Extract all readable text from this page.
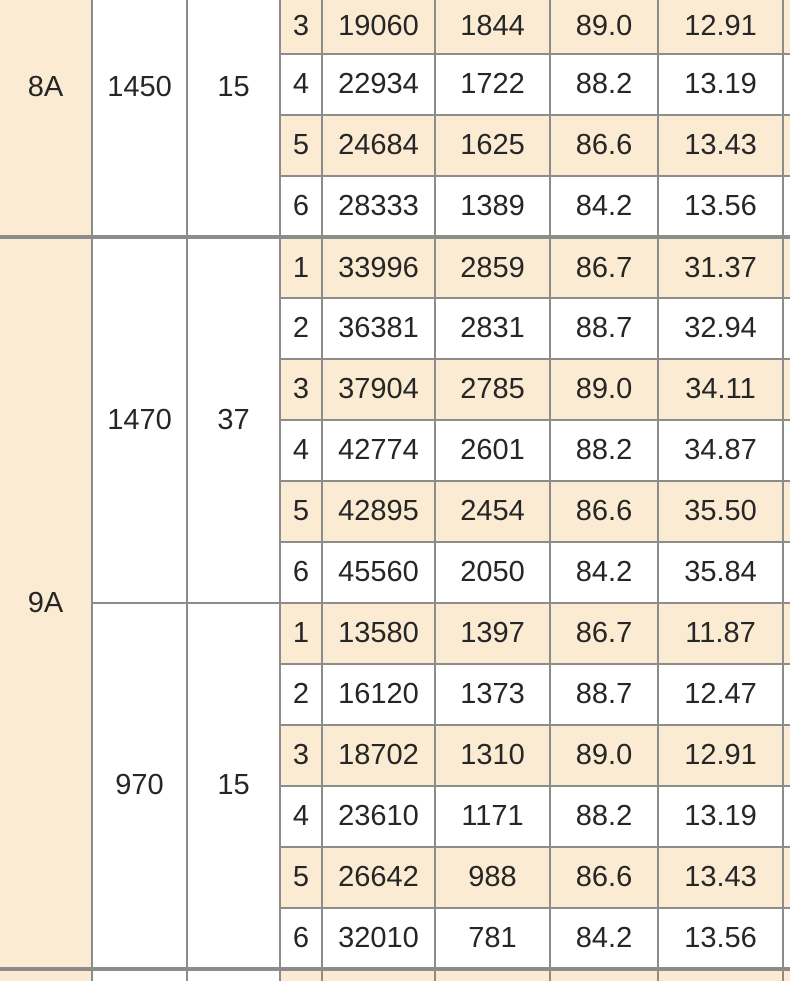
8A	1450	15	3	19060	1844	89.0	12.91	
			4	22934	1722	88.2	13.19	
			5	24684	1625	86.6	13.43	
			6	28333	1389	84.2	13.56	
9A	1470	37	1	33996	2859	86.7	31.37	
			2	36381	2831	88.7	32.94	
			3	37904	2785	89.0	34.11	
			4	42774	2601	88.2	34.87	
			5	42895	2454	86.6	35.50	
			6	45560	2050	84.2	35.84	
	970	15	1	13580	1397	86.7	11.87	
			2	16120	1373	88.7	12.47	
			3	18702	1310	89.0	12.91	
			4	23610	1171	88.2	13.19	
			5	26642	988	86.6	13.43	
			6	32010	781	84.2	13.56	
